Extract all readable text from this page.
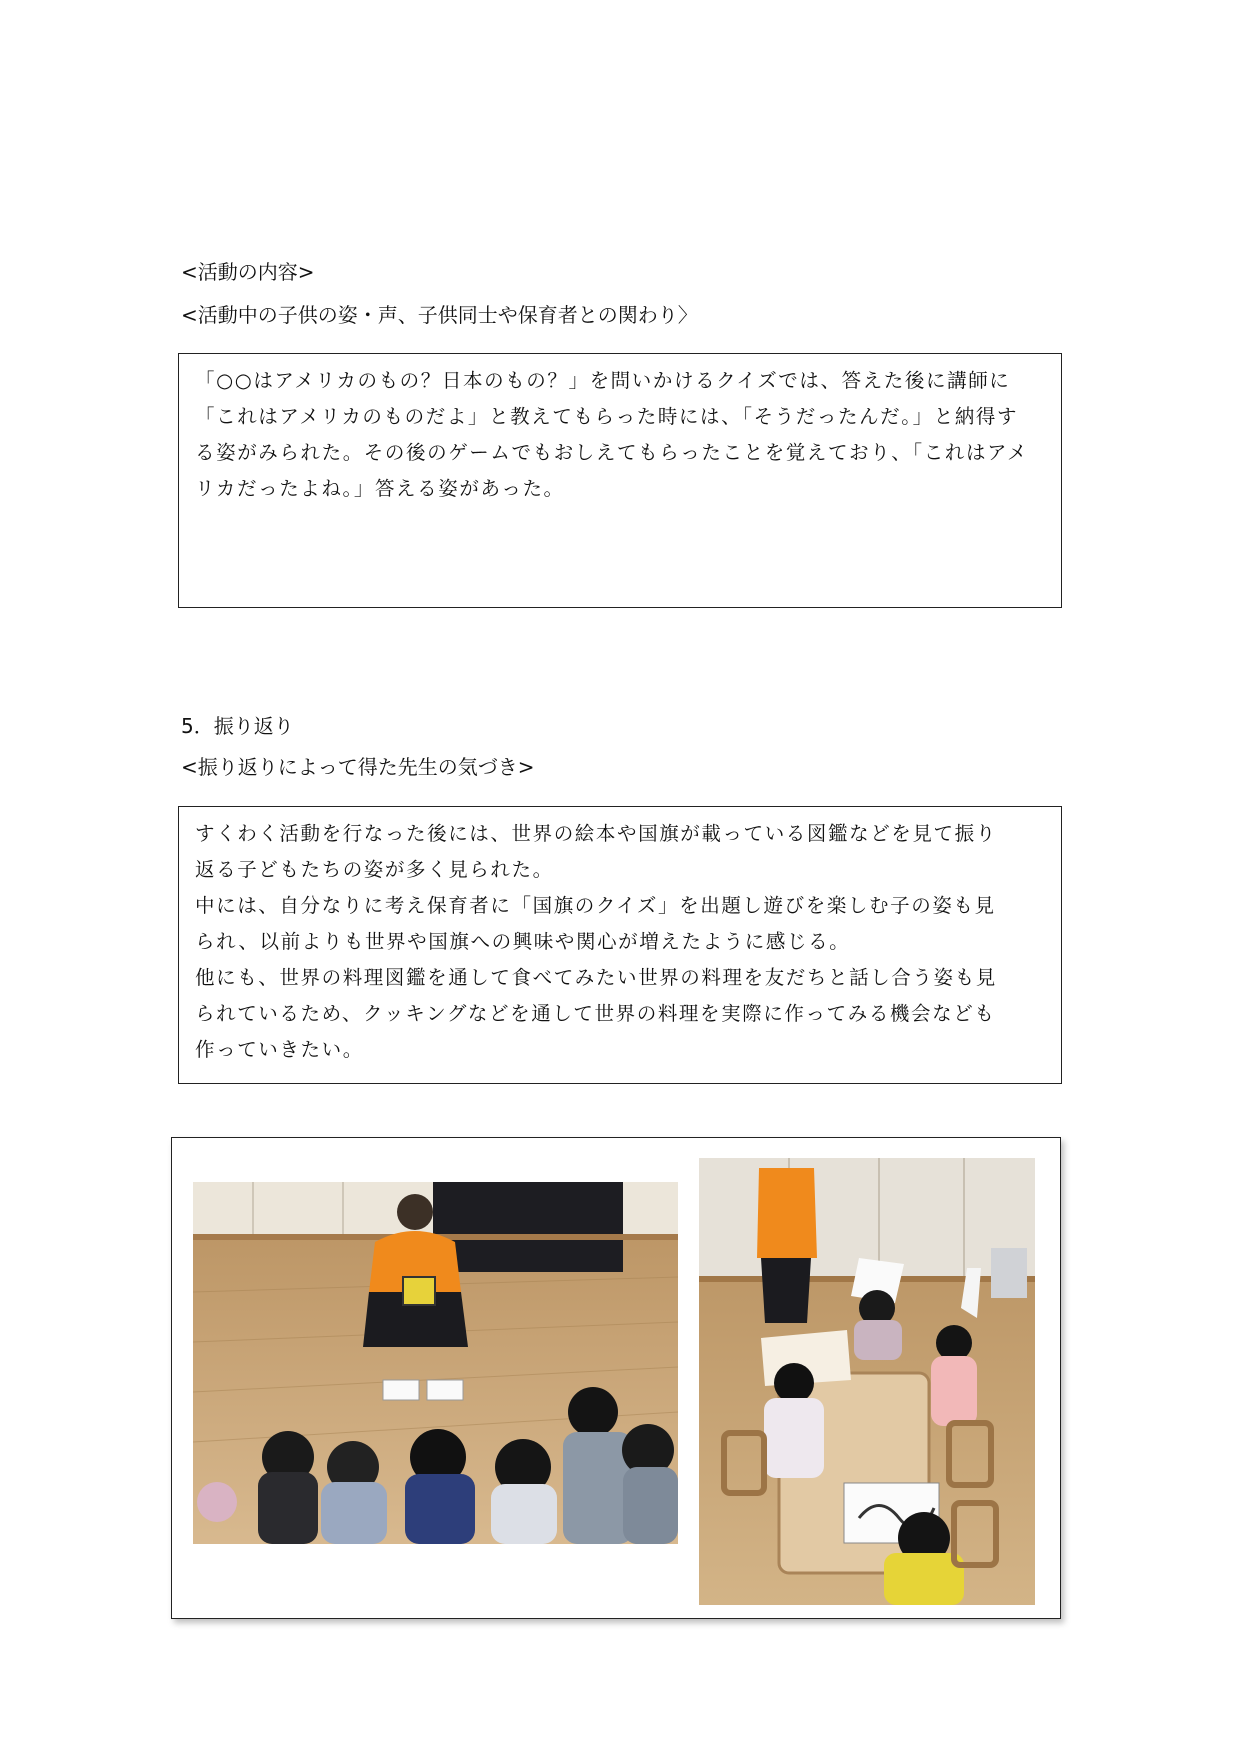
<活動の内容>
<活動中の子供の姿・声、子供同士や保育者との関わり〉

「○○はアメリカのもの？日本のもの？」を問いかけるクイズでは、答えた後に講師に

「これはアメリカのものだよ」と教えてもらった時には、「そうだったんだ。」と納得す

る姿がみられた。その後のゲームでもおしえてもらったことを覚えており、「これはアメ

リカだったよね。」答える姿があった。

5．振り返り
<振り返りによって得た先生の気づき>

すくわく活動を行なった後には、世界の絵本や国旗が載っている図鑑などを見て振り

返る子どもたちの姿が多く見られた。

中には、自分なりに考え保育者に「国旗のクイズ」を出題し遊びを楽しむ子の姿も見

られ、以前よりも世界や国旗への興味や関心が増えたように感じる。

他にも、世界の料理図鑑を通して食べてみたい世界の料理を友だちと話し合う姿も見

られているため、クッキングなどを通して世界の料理を実際に作ってみる機会なども

作っていきたい。
